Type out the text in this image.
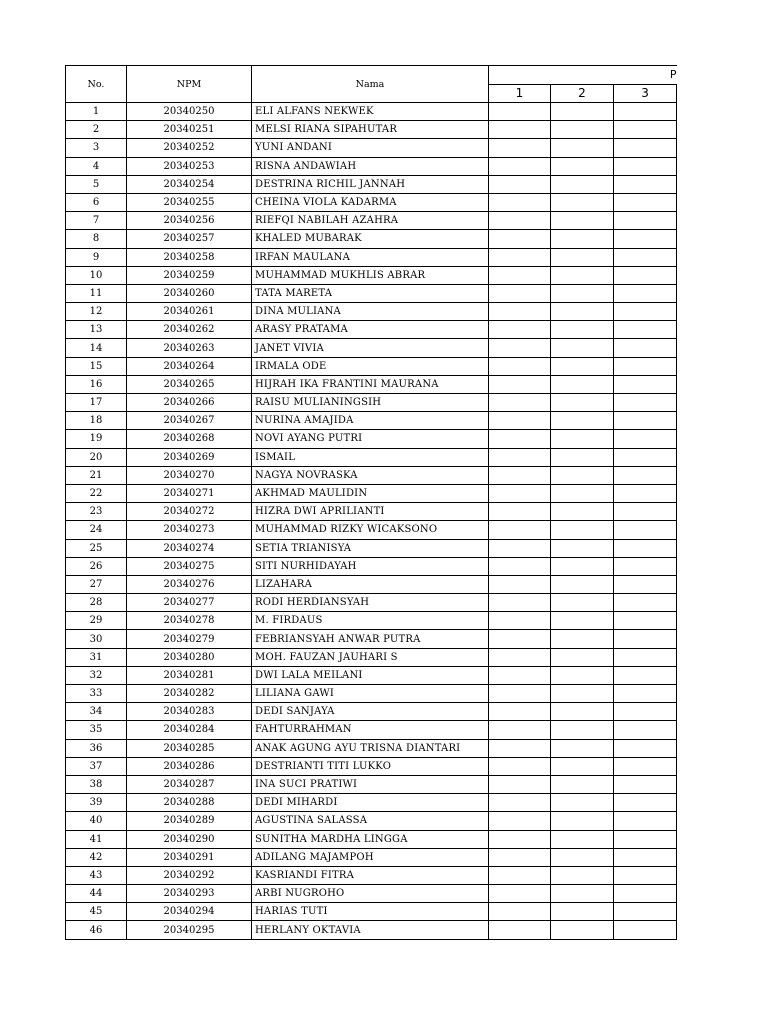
No.	NPM	Nama	P		
			1	2	3
1	20340250	ELI ALFANS NEKWEK			
2	20340251	MELSI RIANA SIPAHUTAR			
3	20340252	YUNI ANDANI			
4	20340253	RISNA ANDAWIAH			
5	20340254	DESTRINA RICHIL JANNAH			
6	20340255	CHEINA VIOLA KADARMA			
7	20340256	RIEFQI NABILAH AZAHRA			
8	20340257	KHALED MUBARAK			
9	20340258	IRFAN MAULANA			
10	20340259	MUHAMMAD MUKHLIS ABRAR			
11	20340260	TATA MARETA			
12	20340261	DINA MULIANA			
13	20340262	ARASY PRATAMA			
14	20340263	JANET VIVIA			
15	20340264	IRMALA ODE			
16	20340265	HIJRAH IKA FRANTINI MAURANA			
17	20340266	RAISU MULIANINGSIH			
18	20340267	NURINA AMAJIDA			
19	20340268	NOVI AYANG PUTRI			
20	20340269	ISMAIL			
21	20340270	NAGYA NOVRASKA			
22	20340271	AKHMAD MAULIDIN			
23	20340272	HIZRA DWI APRILIANTI			
24	20340273	MUHAMMAD RIZKY WICAKSONO			
25	20340274	SETIA TRIANISYA			
26	20340275	SITI NURHIDAYAH			
27	20340276	LIZAHARA			
28	20340277	RODI HERDIANSYAH			
29	20340278	M. FIRDAUS			
30	20340279	FEBRIANSYAH ANWAR PUTRA			
31	20340280	MOH. FAUZAN JAUHARI S			
32	20340281	DWI LALA MEILANI			
33	20340282	LILIANA GAWI			
34	20340283	DEDI SANJAYA			
35	20340284	FAHTURRAHMAN			
36	20340285	ANAK AGUNG AYU TRISNA DIANTARI			
37	20340286	DESTRIANTI TITI LUKKO			
38	20340287	INA SUCI PRATIWI			
39	20340288	DEDI MIHARDI			
40	20340289	AGUSTINA SALASSA			
41	20340290	SUNITHA MARDHA LINGGA			
42	20340291	ADILANG MAJAMPOH			
43	20340292	KASRIANDI FITRA			
44	20340293	ARBI NUGROHO			
45	20340294	HARIAS TUTI			
46	20340295	HERLANY OKTAVIA			
